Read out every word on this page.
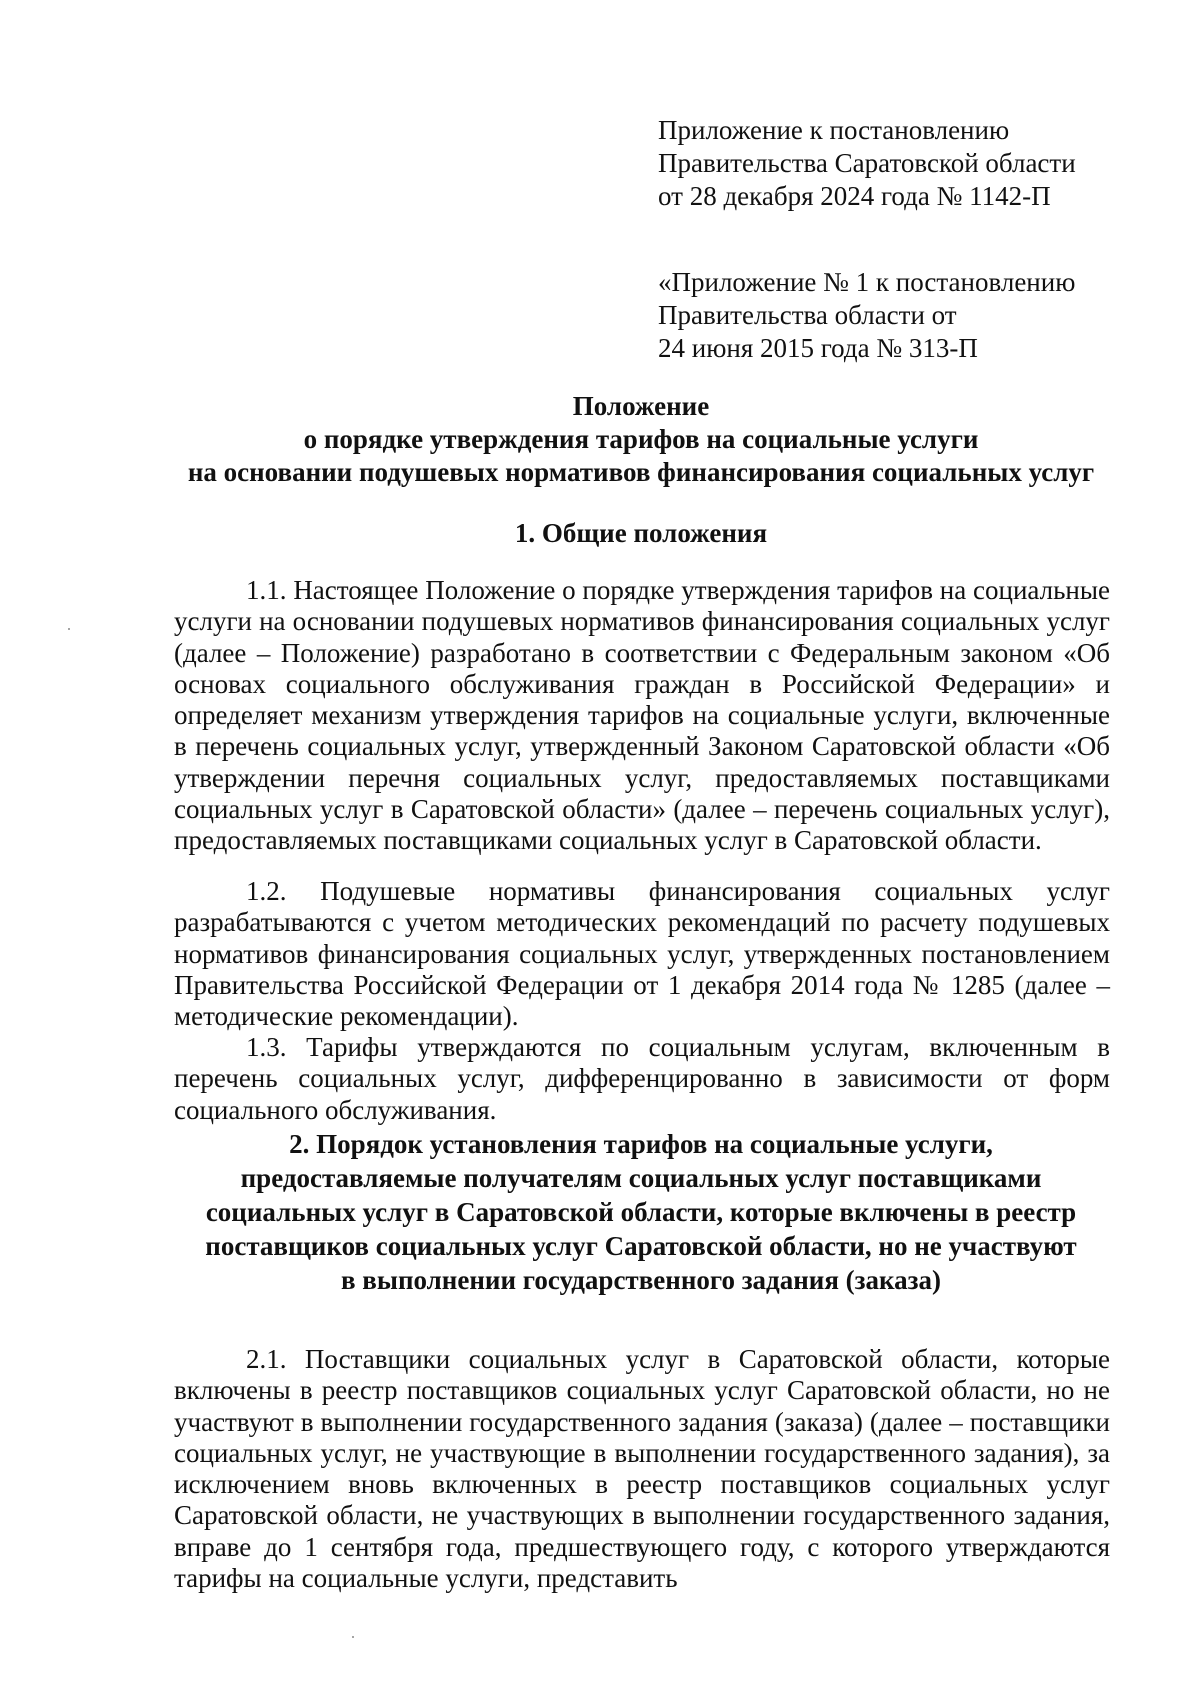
Приложение к постановлению
Правительства Саратовской области
от 28 декабря 2024 года № 1142-П
«Приложение № 1 к постановлению
Правительства области от
24 июня 2015 года № 313-П
Положение
о порядке утверждения тарифов на социальные услуги
на основании подушевых нормативов финансирования социальных услуг
1. Общие положения

1.1. Настоящее Положение о порядке утверждения тарифов на социальные услуги на основании подушевых нормативов финансирования социальных услуг (далее – Положение) разработано в соответствии с Федеральным законом «Об основах социального обслуживания граждан в Российской Федерации» и определяет механизм утверждения тарифов на социальные услуги, включенные в перечень социальных услуг, утвержденный Законом Саратовской области «Об утверждении перечня социальных услуг, предоставляемых поставщиками социальных услуг в Саратовской области» (далее – перечень социальных услуг), предоставляемых поставщиками социальных услуг в Саратовской области.

1.2. Подушевые нормативы финансирования социальных услуг разрабатываются с учетом методических рекомендаций по расчету подушевых нормативов финансирования социальных услуг, утвержденных постановлением Правительства Российской Федерации от 1 декабря 2014 года № 1285 (далее – методические рекомендации).

1.3. Тарифы утверждаются по социальным услугам, включенным в перечень социальных услуг, дифференцированно в зависимости от форм социального обслуживания.

2. Порядок установления тарифов на социальные услуги,
предоставляемые получателям социальных услуг поставщиками
социальных услуг в Саратовской области, которые включены в реестр
поставщиков социальных услуг Саратовской области, но не участвуют
в выполнении государственного задания (заказа)

2.1. Поставщики социальных услуг в Саратовской области, которые включены в реестр поставщиков социальных услуг Саратовской области, но не участвуют в выполнении государственного задания (заказа) (далее – поставщики социальных услуг, не участвующие в выполнении государственного задания), за исключением вновь включенных в реестр поставщиков социальных услуг Саратовской области, не участвующих в выполнении государственного задания, вправе до 1 сентября года, предшествующего году, с которого утверждаются тарифы на социальные услуги, представить
